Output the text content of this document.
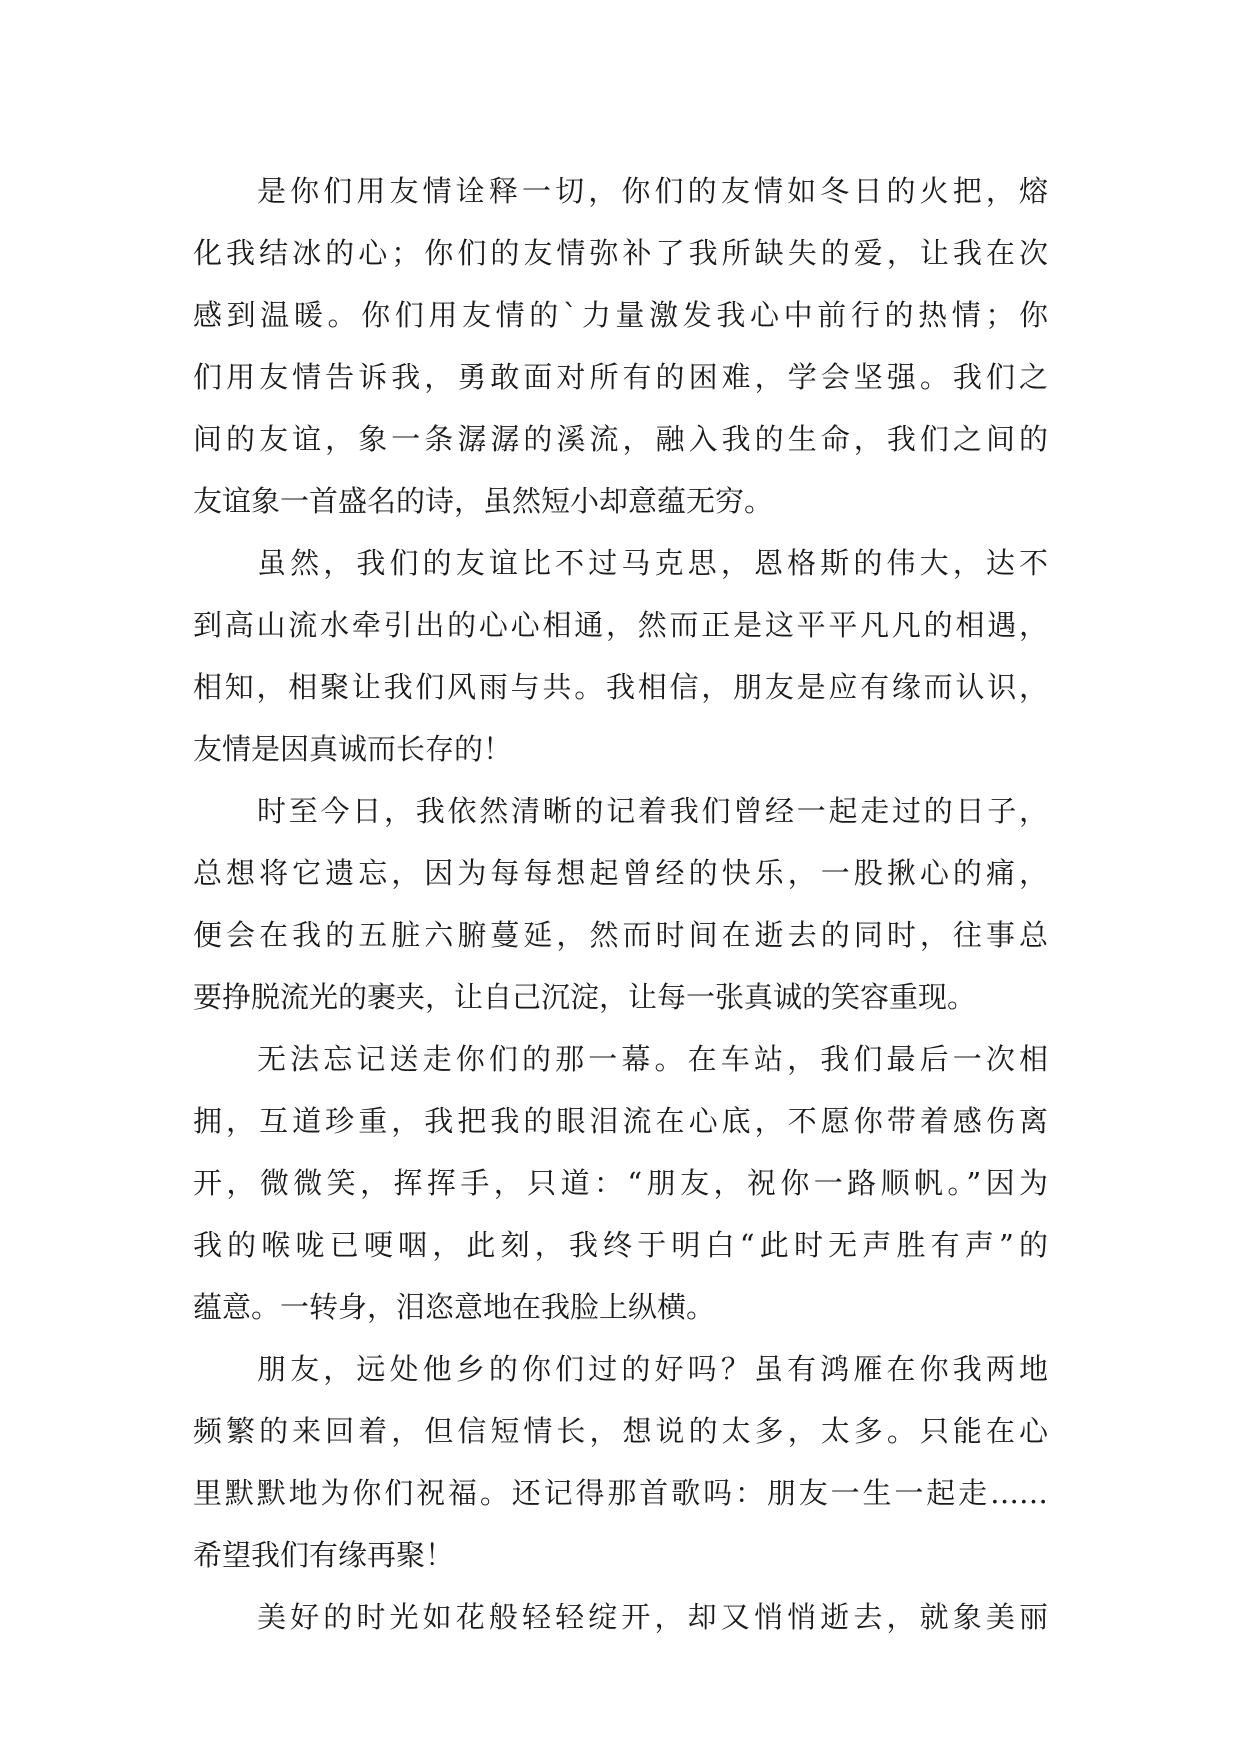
是你们用友情诠释一切，你们的友情如冬日的火把，熔
化我结冰的心；你们的友情弥补了我所缺失的爱，让我在次
感到温暖。你们用友情的`力量激发我心中前行的热情；你
们用友情告诉我，勇敢面对所有的困难，学会坚强。我们之
间的友谊，象一条潺潺的溪流，融入我的生命，我们之间的
友谊象一首盛名的诗，虽然短小却意蕴无穷。
虽然，我们的友谊比不过马克思，恩格斯的伟大，达不
到高山流水牵引出的心心相通，然而正是这平平凡凡的相遇，
相知，相聚让我们风雨与共。我相信，朋友是应有缘而认识，
友情是因真诚而长存的！
时至今日，我依然清晰的记着我们曾经一起走过的日子，
总想将它遗忘，因为每每想起曾经的快乐，一股揪心的痛，
便会在我的五脏六腑蔓延，然而时间在逝去的同时，往事总
要挣脱流光的裹夹，让自己沉淀，让每一张真诚的笑容重现。
无法忘记送走你们的那一幕。在车站，我们最后一次相
拥，互道珍重，我把我的眼泪流在心底，不愿你带着感伤离
开，微微笑，挥挥手，只道：“朋友，祝你一路顺帆。”因为
我的喉咙已哽咽，此刻，我终于明白“此时无声胜有声”的
蕴意。一转身，泪恣意地在我脸上纵横。
朋友，远处他乡的你们过的好吗？虽有鸿雁在你我两地
频繁的来回着，但信短情长，想说的太多，太多。只能在心
里默默地为你们祝福。还记得那首歌吗：朋友一生一起走……
希望我们有缘再聚！
美好的时光如花般轻轻绽开，却又悄悄逝去，就象美丽
